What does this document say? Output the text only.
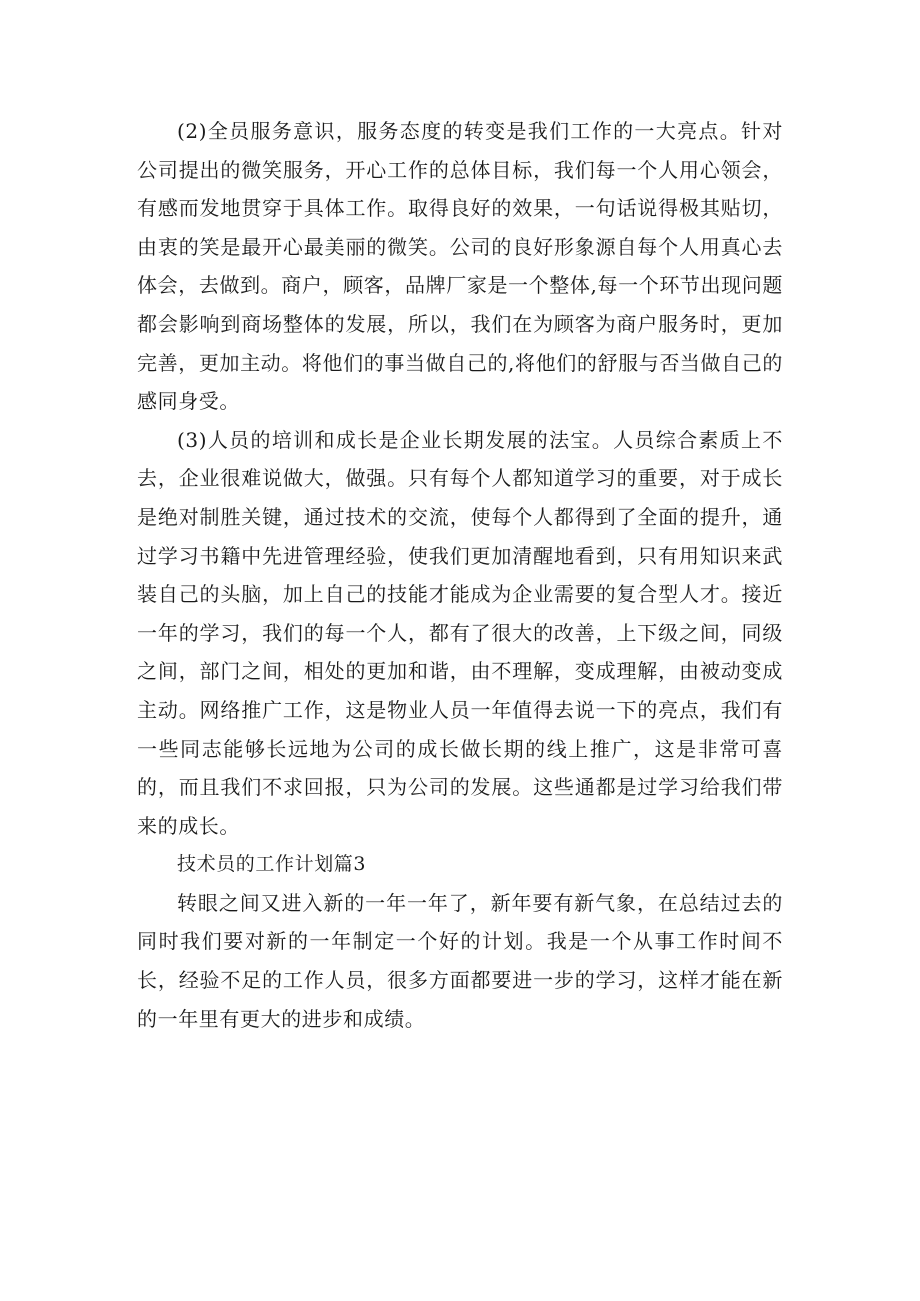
(2)全员服务意识，服务态度的转变是我们工作的一大亮点。针对公司提出的微笑服务，开心工作的总体目标，我们每一个人用心领会，有感而发地贯穿于具体工作。取得良好的效果，一句话说得极其贴切，由衷的笑是最开心最美丽的微笑。公司的良好形象源自每个人用真心去体会，去做到。商户，顾客，品牌厂家是一个整体,每一个环节出现问题都会影响到商场整体的发展，所以，我们在为顾客为商户服务时，更加完善，更加主动。将他们的事当做自己的,将他们的舒服与否当做自己的感同身受。

(3)人员的培训和成长是企业长期发展的法宝。人员综合素质上不去，企业很难说做大，做强。只有每个人都知道学习的重要，对于成长是绝对制胜关键，通过技术的交流，使每个人都得到了全面的提升，通过学习书籍中先进管理经验，使我们更加清醒地看到，只有用知识来武装自己的头脑，加上自己的技能才能成为企业需要的复合型人才。接近一年的学习，我们的每一个人，都有了很大的改善，上下级之间，同级之间，部门之间，相处的更加和谐，由不理解，变成理解，由被动变成主动。网络推广工作，这是物业人员一年值得去说一下的亮点，我们有一些同志能够长远地为公司的成长做长期的线上推广，这是非常可喜的，而且我们不求回报，只为公司的发展。这些通都是过学习给我们带来的成长。

技术员的工作计划篇3

转眼之间又进入新的一年一年了，新年要有新气象，在总结过去的同时我们要对新的一年制定一个好的计划。我是一个从事工作时间不长，经验不足的工作人员，很多方面都要进一步的学习，这样才能在新的一年里有更大的进步和成绩。
